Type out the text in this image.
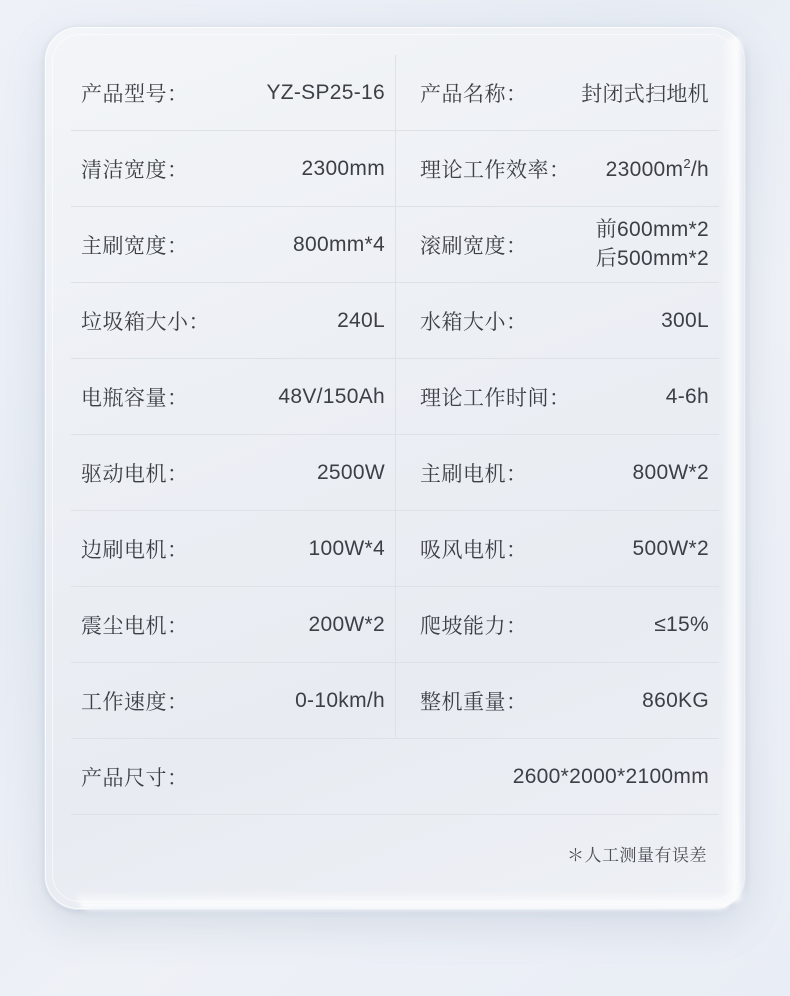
产品型号：	YZ-SP25-16 产品名称：	封闭式扫地机
清洁宽度：	2300mm 理论工作效率： $23000m^2/h$
主刷宽度：	800mm*4 滚刷宽度：
前600mm*2
后500mm*2
垃圾箱大小：	240L 水箱大小：	300L
电瓶容量：	48V/150Ah 理论工作时间：	4-6h
驱动电机：	2500W 主刷电机：	800W*2
边刷电机：	100W*4 吸风电机：	500W*2
震尘电机：	200W*2 爬坡能力：	≤15%
工作速度：	0-10km/h 整机重量：	860KG
产品尺寸：	2600*2000*2100mm
＊人工测量有误差
